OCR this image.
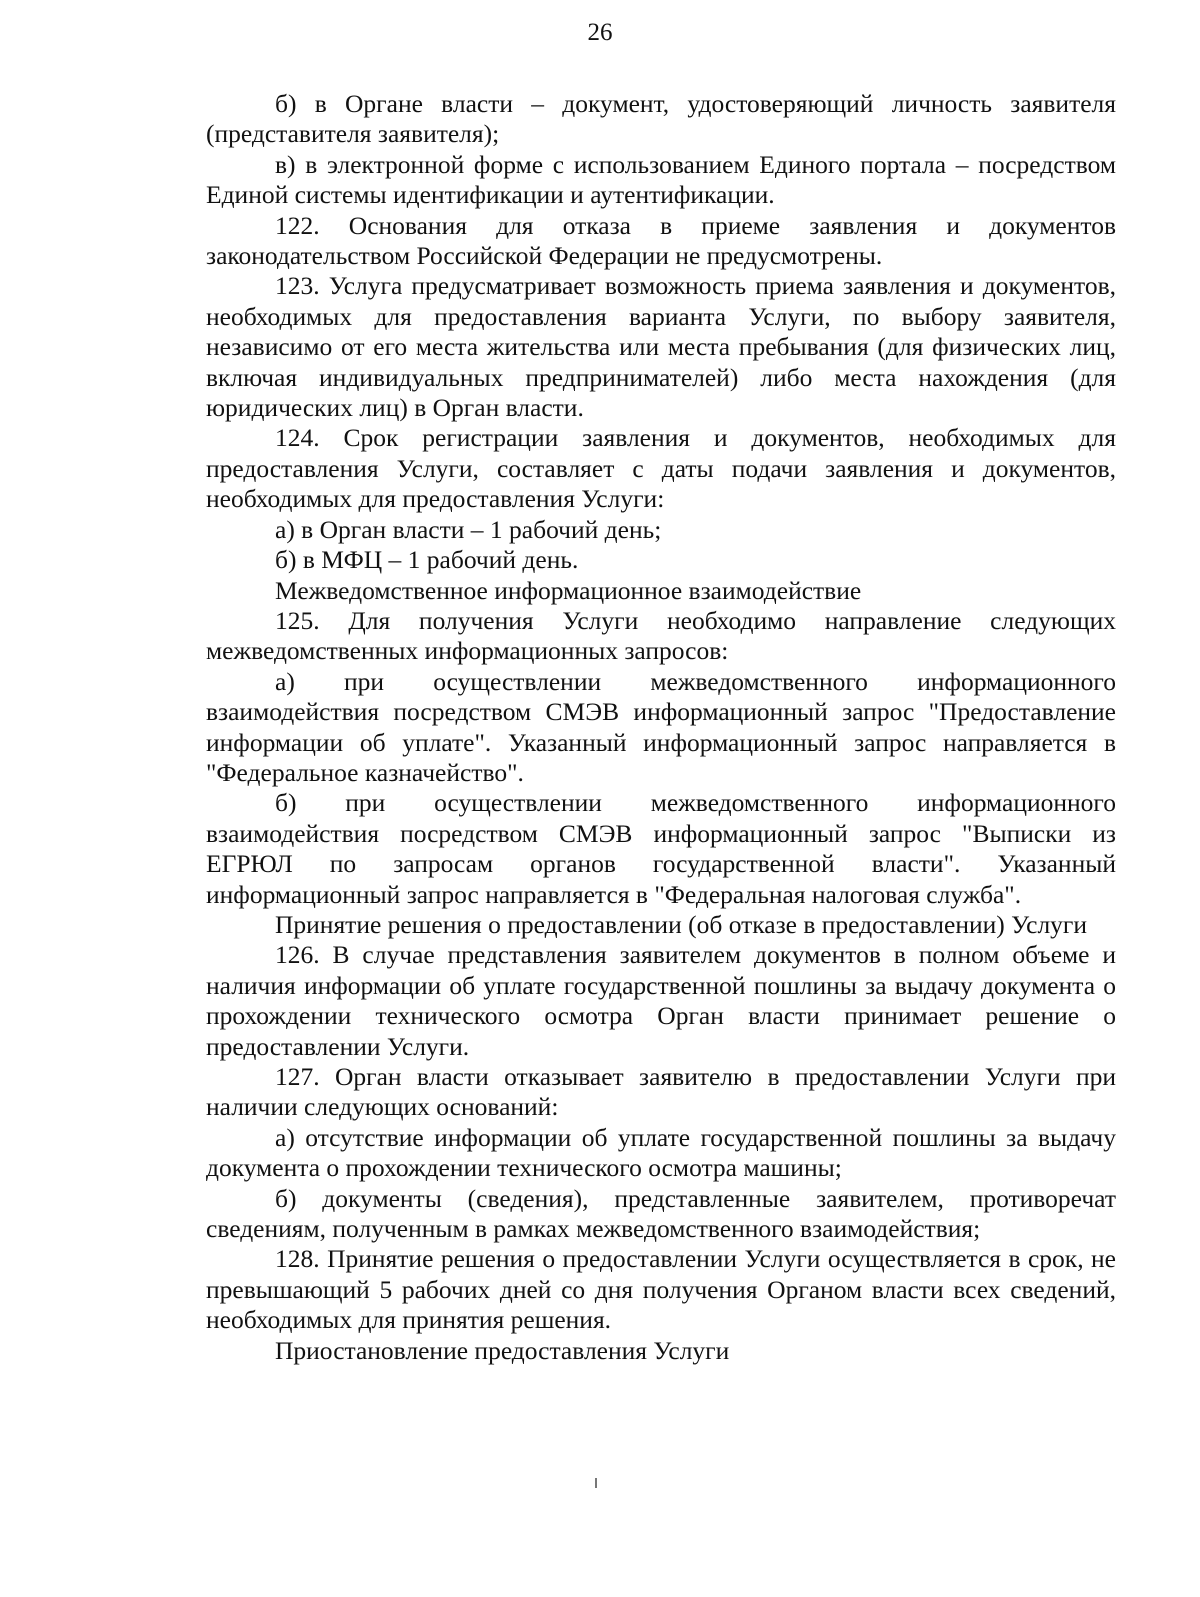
26

б) в Органе власти – документ, удостоверяющий личность заявителя (представителя заявителя);

в) в электронной форме с использованием Единого портала – посредством Единой системы идентификации и аутентификации.

122. Основания для отказа в приеме заявления и документов законодательством Российской Федерации не предусмотрены.

123. Услуга предусматривает возможность приема заявления и документов, необходимых для предоставления варианта Услуги, по выбору заявителя, независимо от его места жительства или места пребывания (для физических лиц, включая индивидуальных предпринимателей) либо места нахождения (для юридических лиц) в Орган власти.

124. Срок регистрации заявления и документов, необходимых для предоставления Услуги, составляет с даты подачи заявления и документов, необходимых для предоставления Услуги:

а) в Орган власти – 1 рабочий день;

б) в МФЦ – 1 рабочий день.

Межведомственное информационное взаимодействие

125. Для получения Услуги необходимо направление следующих межведомственных информационных запросов:

а) при осуществлении межведомственного информационного взаимодействия посредством СМЭВ информационный запрос "Предоставление информации об уплате". Указанный информационный запрос направляется в "Федеральное казначейство".

б) при осуществлении межведомственного информационного взаимодействия посредством СМЭВ информационный запрос "Выписки из ЕГРЮЛ по запросам органов государственной власти". Указанный информационный запрос направляется в "Федеральная налоговая служба".

Принятие решения о предоставлении (об отказе в предоставлении) Услуги

126. В случае представления заявителем документов в полном объеме и наличия информации об уплате государственной пошлины за выдачу документа о прохождении технического осмотра Орган власти принимает решение о предоставлении Услуги.

127. Орган власти отказывает заявителю в предоставлении Услуги при наличии следующих оснований:

а) отсутствие информации об уплате государственной пошлины за выдачу документа о прохождении технического осмотра машины;

б) документы (сведения), представленные заявителем, противоречат сведениям, полученным в рамках межведомственного взаимодействия;

128. Принятие решения о предоставлении Услуги осуществляется в срок, не превышающий 5 рабочих дней со дня получения Органом власти всех сведений, необходимых для принятия решения.

Приостановление предоставления Услуги
